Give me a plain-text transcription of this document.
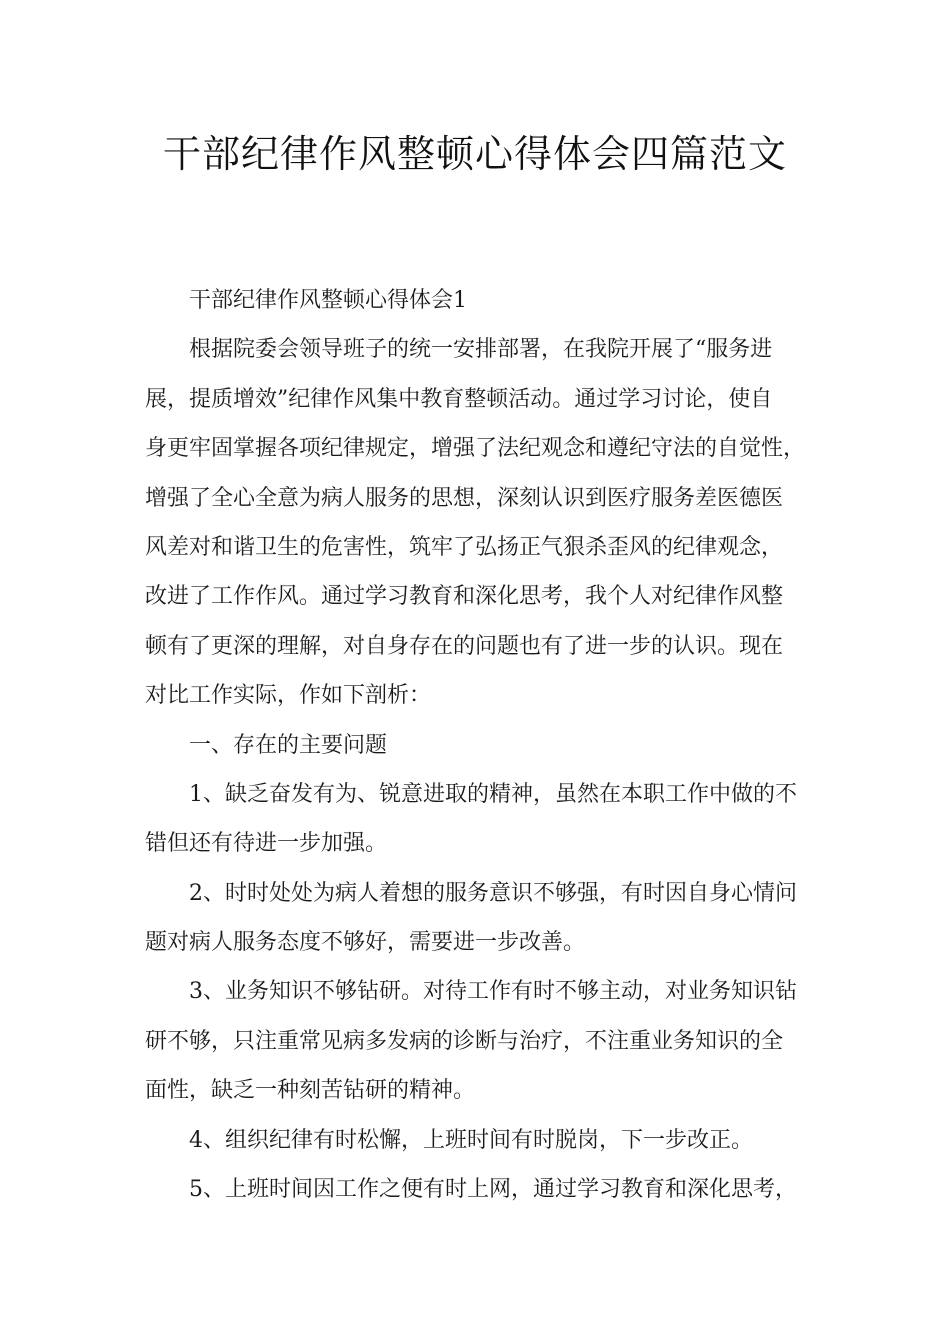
干部纪律作风整顿心得体会四篇范文
干部纪律作风整顿心得体会1
根据院委会领导班子的统一安排部署，在我院开展了“服务进
展，提质增效”纪律作风集中教育整顿活动。通过学习讨论，使自
身更牢固掌握各项纪律规定，增强了法纪观念和遵纪守法的自觉性，
增强了全心全意为病人服务的思想，深刻认识到医疗服务差医德医
风差对和谐卫生的危害性，筑牢了弘扬正气狠杀歪风的纪律观念，
改进了工作作风。通过学习教育和深化思考，我个人对纪律作风整
顿有了更深的理解，对自身存在的问题也有了进一步的认识。现在
对比工作实际，作如下剖析：
一、存在的主要问题
1、缺乏奋发有为、锐意进取的精神，虽然在本职工作中做的不
错但还有待进一步加强。
2、时时处处为病人着想的服务意识不够强，有时因自身心情问
题对病人服务态度不够好，需要进一步改善。
3、业务知识不够钻研。对待工作有时不够主动，对业务知识钻
研不够，只注重常见病多发病的诊断与治疗，不注重业务知识的全
面性，缺乏一种刻苦钻研的精神。
4、组织纪律有时松懈，上班时间有时脱岗，下一步改正。
5、上班时间因工作之便有时上网，通过学习教育和深化思考，
